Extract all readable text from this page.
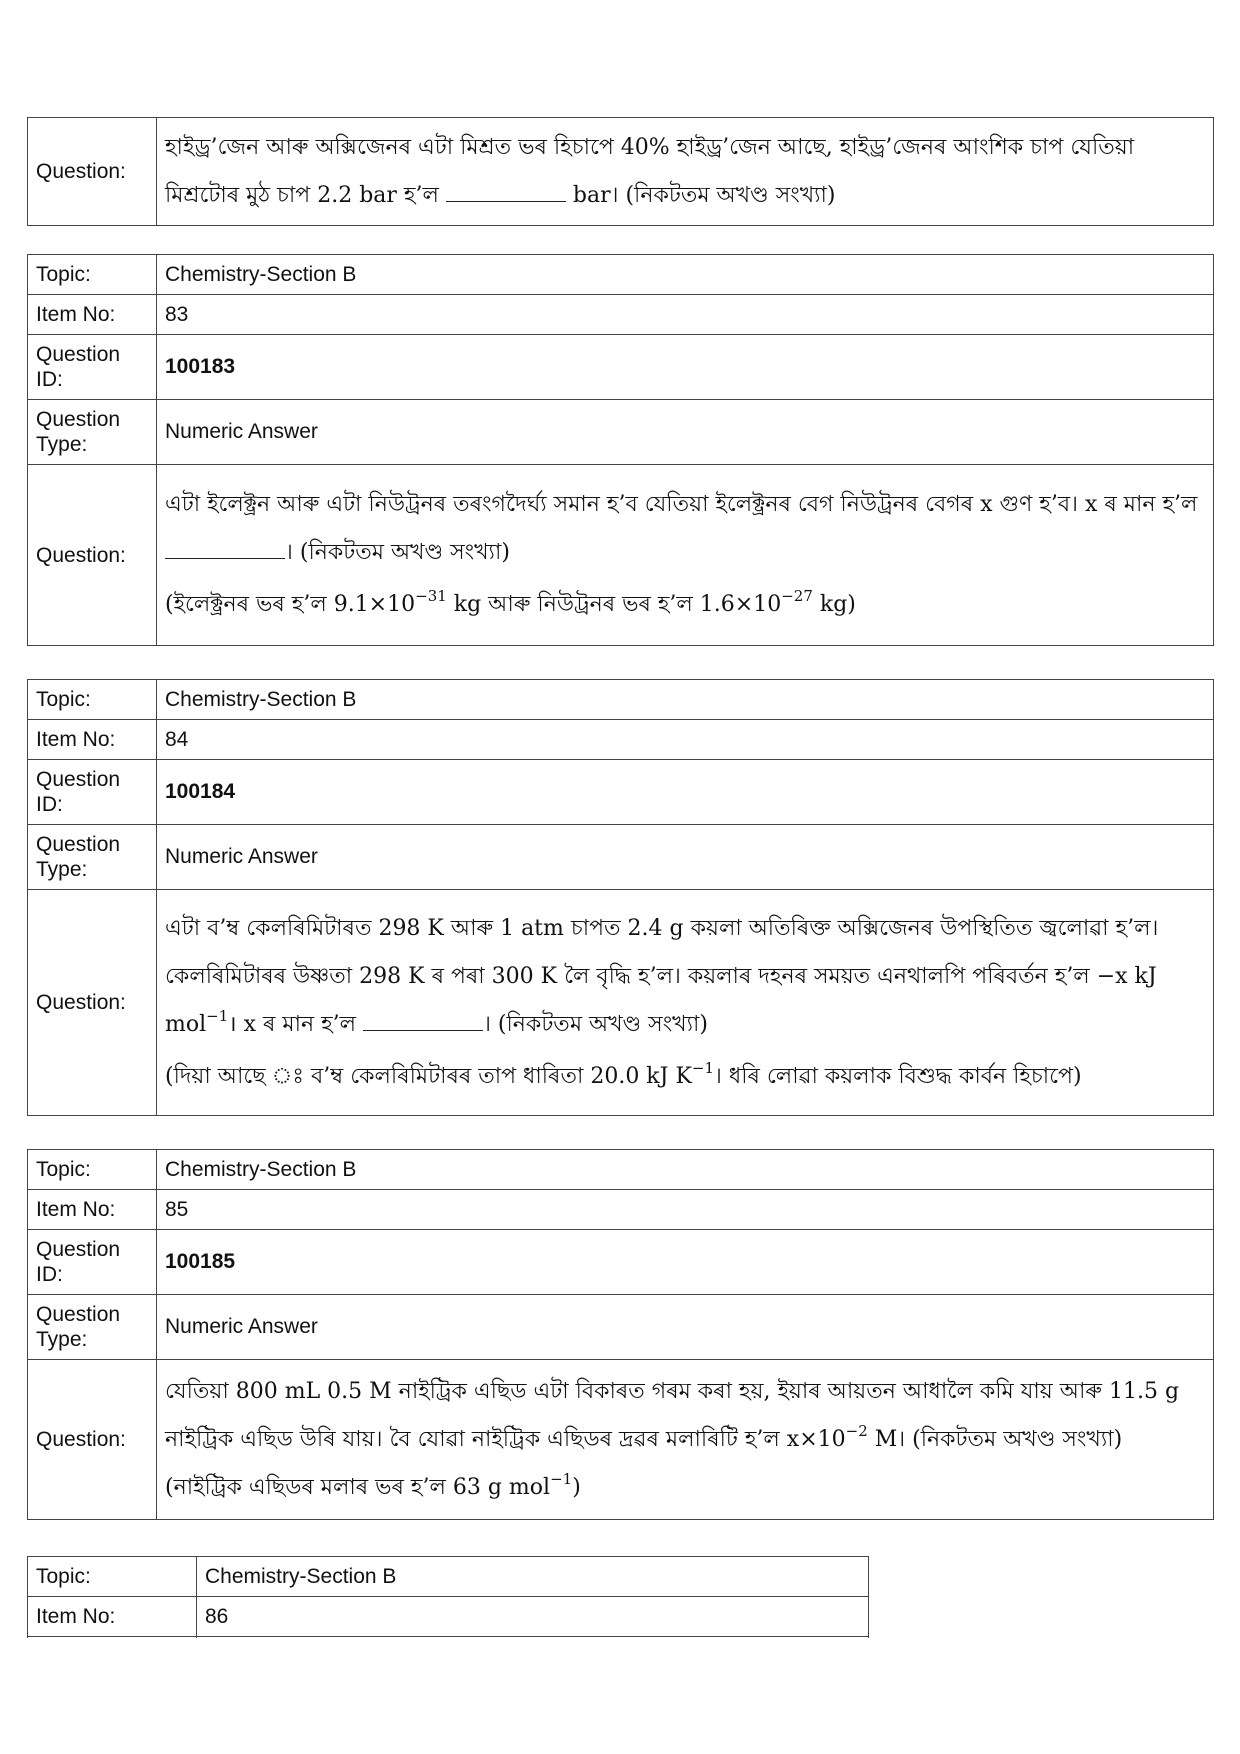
Question:	হাইড্ৰ’জেন আৰু অক্সিজেনৰ এটা মিশ্ৰত ভৰ হিচাপে 40% হাইড্ৰ’জেন আছে, হাইড্ৰ’জেনৰ আংশিক চাপ যেতিয়া মিশ্ৰটোৰ মুঠ চাপ 2.2 bar হ’ল	bar। (নিকটতম অখণ্ড সংখ্যা)
Topic:	Chemistry-Section B
Item No:	83
Question ID:	100183
Question Type:	Numeric Answer
Question:	এটা ইলেক্ট্ৰন আৰু এটা নিউট্ৰনৰ তৰংগদৈৰ্ঘ্য সমান হ’ব যেতিয়া ইলেক্ট্ৰনৰ বেগ নিউট্ৰনৰ বেগৰ x গুণ হ’ব। x ৰ মান হ’ল । (নিকটতম অখণ্ড সংখ্যা)
(ইলেক্ট্ৰনৰ ভৰ হ’ল $9.1\times 10^{-31}$ kg আৰু নিউট্ৰনৰ ভৰ হ’ল $1.6\times 10^{-27}$ kg)
Topic:	Chemistry-Section B
Item No:	84
Question ID:	100184
Question Type:	Numeric Answer
Question:	এটা ব’ম্ব কেলৰিমিটাৰত 298 K আৰু 1 atm চাপত 2.4 g কয়লা অতিৰিক্ত অক্সিজেনৰ উপস্থিতিত জ্বলোৱা হ’ল। কেলৰিমিটাৰৰ উষ্ণতা 298 K ৰ পৰা 300 K লৈ বৃদ্ধি হ’ল। কয়লাৰ দহনৰ সময়ত এনথালপি পৰিবৰ্তন হ’ল −x kJ mol$^{-1}$। x ৰ মান হ’ল । (নিকটতম অখণ্ড সংখ্যা)
(দিয়া আছে ঃ ব’ম্ব কেলৰিমিটাৰৰ তাপ ধাৰিতা 20.0 kJ $K^{-1}।$ ধৰি লোৱা কয়লাক বিশুদ্ধ কাৰ্বন হিচাপে)
Topic:	Chemistry-Section B
Item No:	85
Question ID:	100185
Question Type:	Numeric Answer
Question:	যেতিয়া 800 mL 0.5 M নাইট্ৰিক এছিড এটা বিকাৰত গৰম কৰা হয়, ইয়াৰ আয়তন আধালৈ কমি যায় আৰু 11.5 g নাইট্ৰিক এছিড উৰি যায়। বৈ যোৱা নাইট্ৰিক এছিডৰ দ্ৰৱৰ মলাৰিটি হ’ল $x\times 10^{-2}$ M। (নিকটতম অখণ্ড সংখ্যা)
(নাইট্ৰিক এছিডৰ মলাৰ ভৰ হ’ল 63 g mol$^{-1}$)
Topic:	Chemistry-Section B
Item No:	86
